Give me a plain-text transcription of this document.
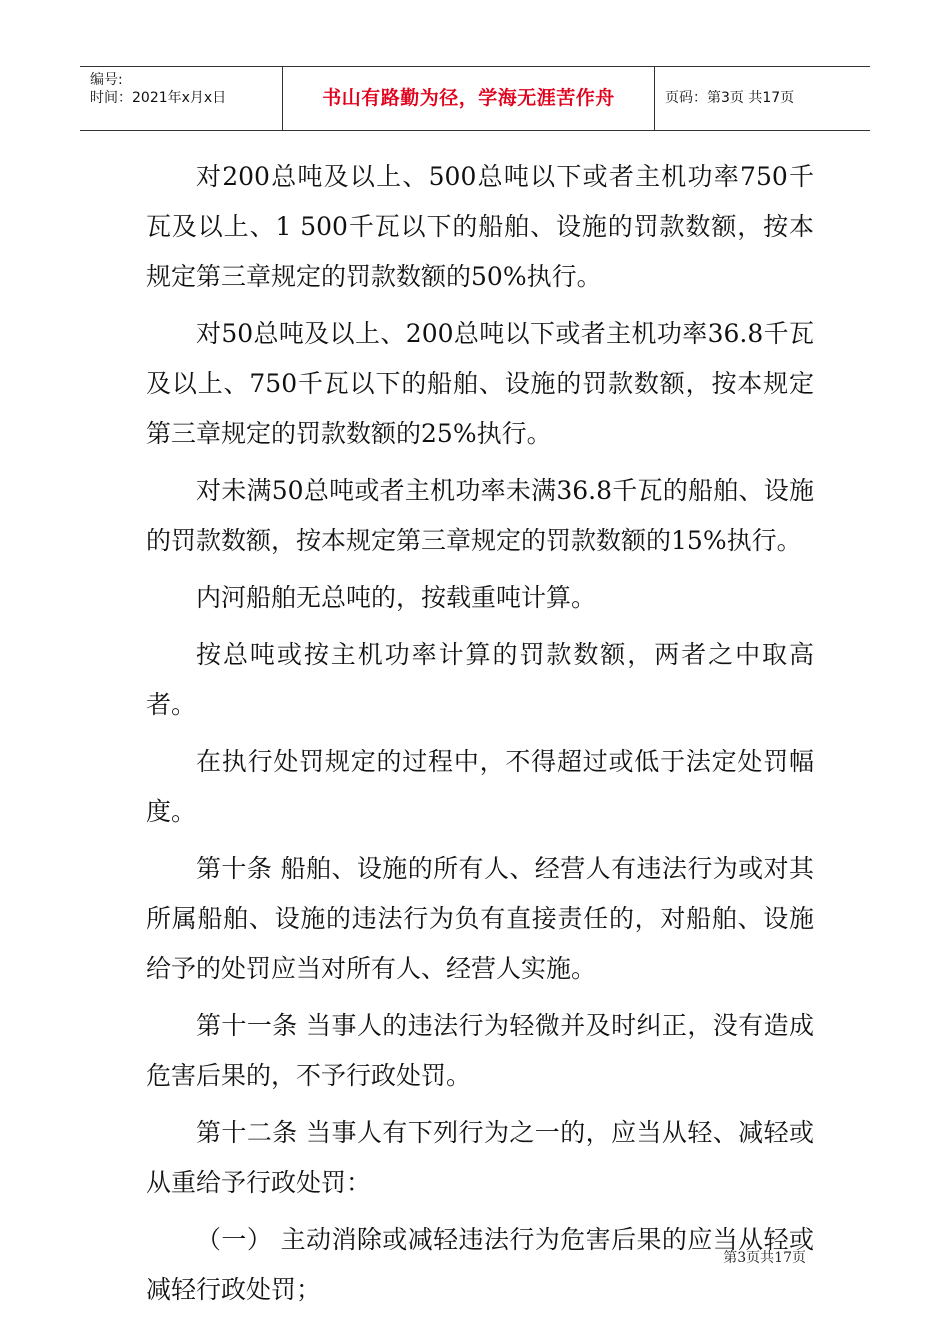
编号:
时间：2021年x月x日	书山有路勤为径，学海无涯苦作舟	页码：第3页 共17页

对200总吨及以上、500总吨以下或者主机功率750千瓦及以上、1 500千瓦以下的船舶、设施的罚款数额，按本规定第三章规定的罚款数额的50%执行。

对50总吨及以上、200总吨以下或者主机功率36.8千瓦及以上、750千瓦以下的船舶、设施的罚款数额，按本规定第三章规定的罚款数额的25%执行。

对未满50总吨或者主机功率未满36.8千瓦的船舶、设施的罚款数额，按本规定第三章规定的罚款数额的15%执行。

内河船舶无总吨的，按载重吨计算。

按总吨或按主机功率计算的罚款数额，两者之中取高者。

在执行处罚规定的过程中，不得超过或低于法定处罚幅度。

第十条 船舶、设施的所有人、经营人有违法行为或对其所属船舶、设施的违法行为负有直接责任的，对船舶、设施给予的处罚应当对所有人、经营人实施。

第十一条 当事人的违法行为轻微并及时纠正，没有造成危害后果的，不予行政处罚。

第十二条 当事人有下列行为之一的，应当从轻、减轻或从重给予行政处罚：

（一） 主动消除或减轻违法行为危害后果的应当从轻或减轻行政处罚；

第3页共17页
